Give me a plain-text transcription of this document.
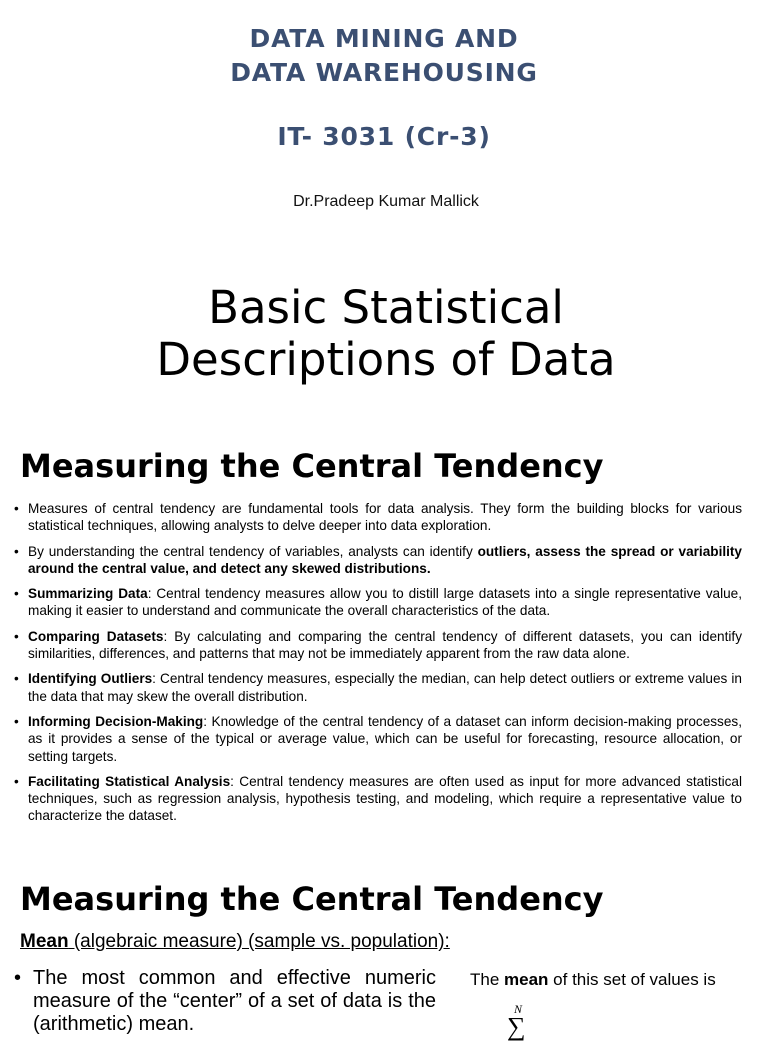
DATA MINING AND
DATA WAREHOUSING
IT- 3031 (Cr-3)
Dr.Pradeep Kumar Mallick
Basic Statistical
Descriptions of Data
Measuring the Central Tendency
• Measures of central tendency are fundamental tools for data analysis. They form the building blocks for various statistical techniques, allowing analysts to delve deeper into data exploration.
• By understanding the central tendency of variables, analysts can identify outliers, assess the spread or variability around the central value, and detect any skewed distributions.
• Summarizing Data: Central tendency measures allow you to distill large datasets into a single representative value, making it easier to understand and communicate the overall characteristics of the data.
• Comparing Datasets: By calculating and comparing the central tendency of different datasets, you can identify similarities, differences, and patterns that may not be immediately apparent from the raw data alone.
• Identifying Outliers: Central tendency measures, especially the median, can help detect outliers or extreme values in the data that may skew the overall distribution.
• Informing Decision-Making: Knowledge of the central tendency of a dataset can inform decision-making processes, as it provides a sense of the typical or average value, which can be useful for forecasting, resource allocation, or setting targets.
• Facilitating Statistical Analysis: Central tendency measures are often used as input for more advanced statistical techniques, such as regression analysis, hypothesis testing, and modeling, which require a representative value to characterize the dataset.
Measuring the Central Tendency
Mean (algebraic measure) (sample vs. population):
• The most common and effective numeric measure of the “center” of a set of data is the (arithmetic) mean.
The mean of this set of values is
N
∑
